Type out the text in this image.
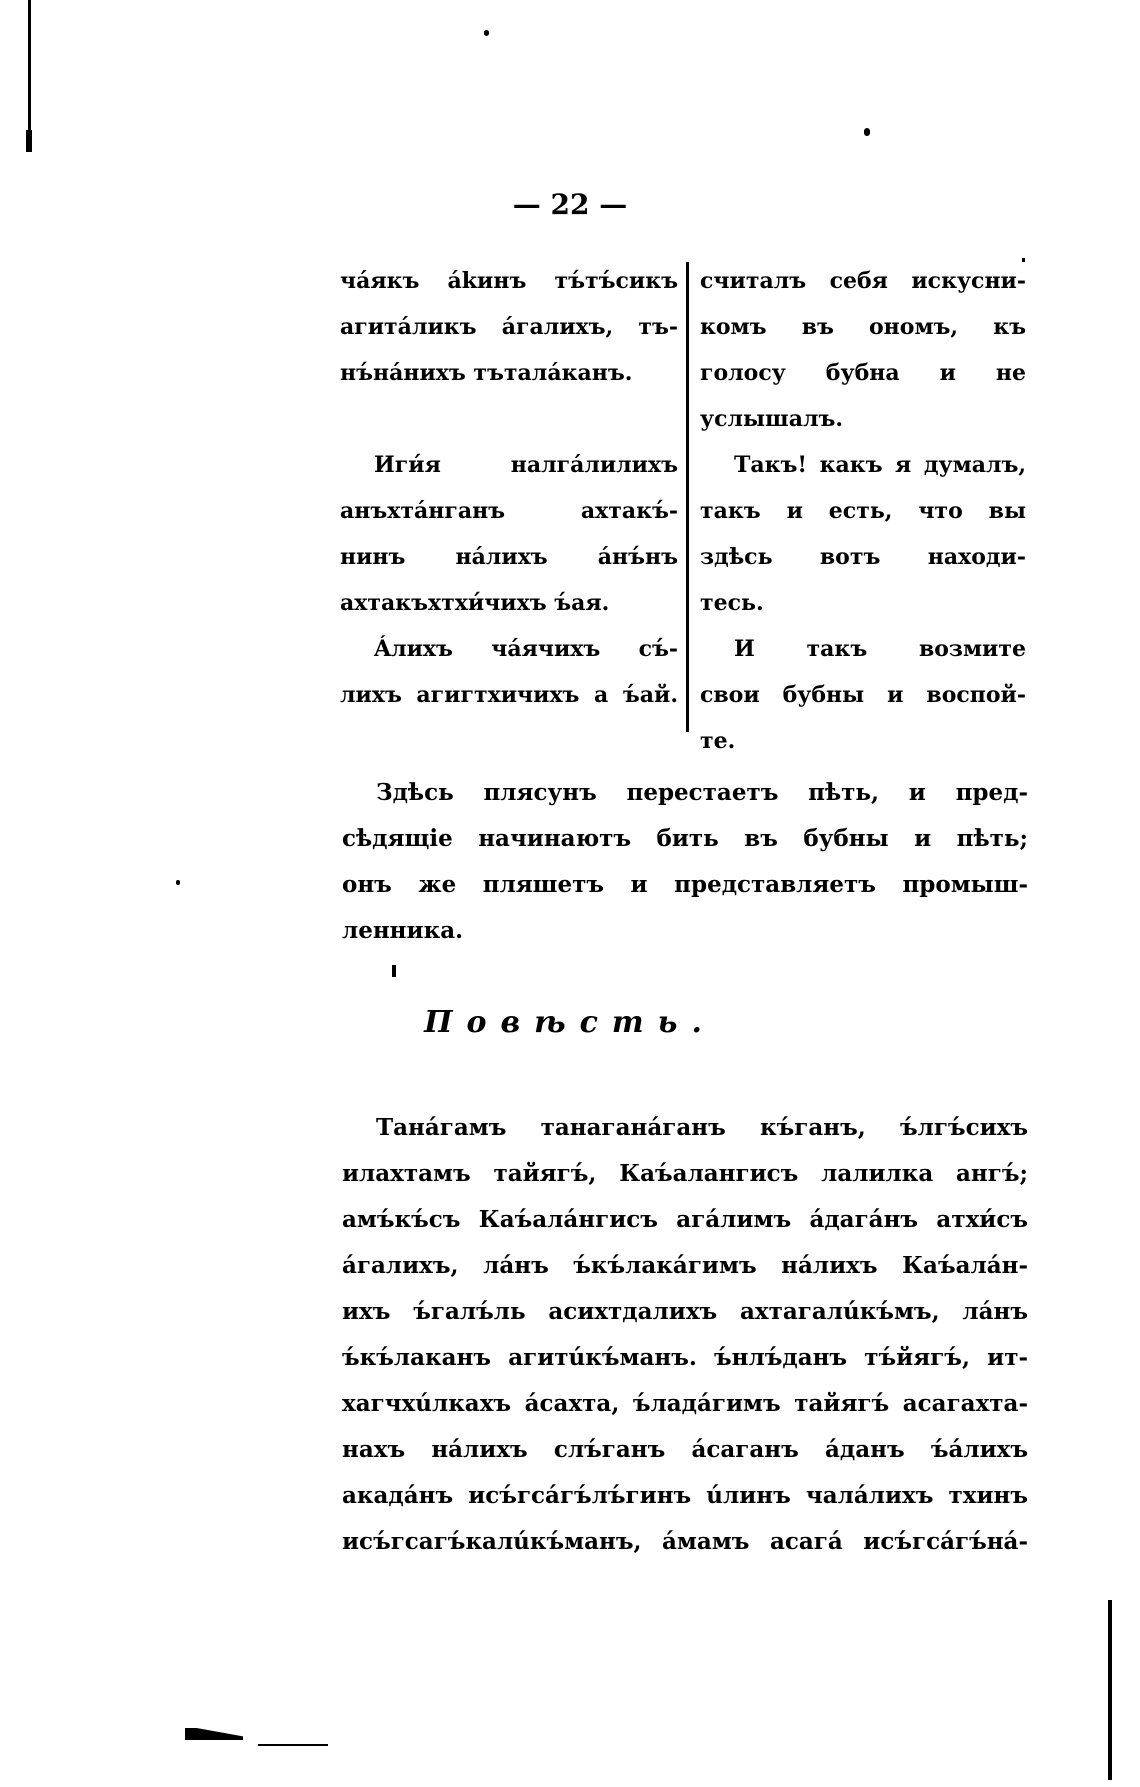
— 22 —
чáякъ ákинъ тъ́тъ́сикъ
агитáликъ áгалихъ, тъ-
нъ́нáнихъ тъталáканъ.
Иги́я налгáлилихъ
анъхтáнганъ ахтакъ́-
нинъ нáлихъ áнъ́нъ
ахтакъхтхи́чихъ ъ́ая.
Áлихъ чáячихъ съ́-
лихъ агигтхичихъ а ъ́ай.
считалъ себя искусни-
комъ въ ономъ, къ
голосу бубна и не
услышалъ.
Такъ! какъ я думалъ,
такъ и есть, что вы
здѣсь вотъ находи-
тесь.
И такъ возмите
свои бубны и воспой-
те.
Здѣсь плясунъ перестаетъ пѣть, и пред-
сѣдящіе начинаютъ бить въ бубны и пѣть;
онъ же пляшетъ и представляетъ промыш-
ленника.
Повѣсть.
Танáгамъ танаганáганъ къ́ганъ, ъ́лгъ́сихъ
илахтамъ тайягъ́, Каъ́алангисъ лалилка ангъ́;
амъ́къ́съ Каъ́алáнгисъ агáлимъ áдагáнъ атхи́съ
áгалихъ, лáнъ ъ́къ́лакáгимъ нáлихъ Каъ́алáн-
ихъ ъ́галъ́ль асихтдалихъ ахтагалúкъ́мъ, лáнъ
ъ́къ́лаканъ агитúкъ́манъ. ъ́нлъ́данъ тъ́йягъ́, ит-
хагчхúлкахъ áсахта, ъ́ладáгимъ тайягъ́ асагахта-
нахъ нáлихъ слъ́ганъ áсаганъ áданъ ъ́áлихъ
акадáнъ исъ́гсáгъ́лъ́гинъ úлинъ чалáлихъ тхинъ
исъ́гсагъ́калúкъ́манъ, áмамъ асагá исъ́гсáгъ́нá-
